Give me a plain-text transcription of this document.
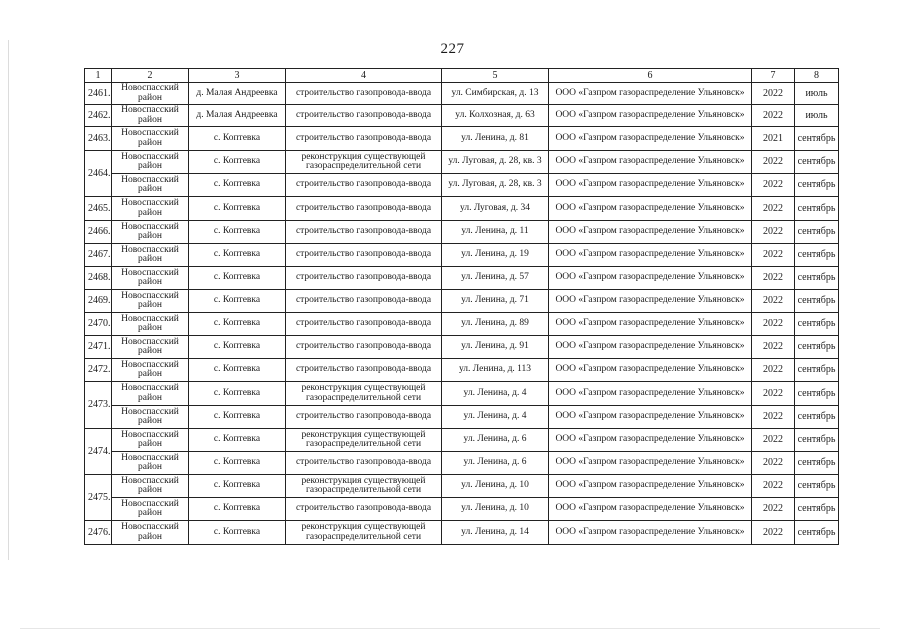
227
1	2	3	4	5	6	7	8
2461.	Новоспасский район	д. Малая Андреевка	строительство газопровода-ввода	ул. Симбирская, д. 13	ООО «Газпром газораспределение Ульяновск»	2022	июль
2462.	Новоспасский район	д. Малая Андреевка	строительство газопровода-ввода	ул. Колхозная, д. 63	ООО «Газпром газораспределение Ульяновск»	2022	июль
2463.	Новоспасский район	с. Коптевка	строительство газопровода-ввода	ул. Ленина, д. 81	ООО «Газпром газораспределение Ульяновск»	2021	сентябрь
2464.	Новоспасский район	с. Коптевка	реконструкция существующей газораспределительной сети	ул. Луговая, д. 28, кв. 3	ООО «Газпром газораспределение Ульяновск»	2022	сентябрь
	Новоспасский район	с. Коптевка	строительство газопровода-ввода	ул. Луговая, д. 28, кв. 3	ООО «Газпром газораспределение Ульяновск»	2022	сентябрь
2465.	Новоспасский район	с. Коптевка	строительство газопровода-ввода	ул. Луговая, д. 34	ООО «Газпром газораспределение Ульяновск»	2022	сентябрь
2466.	Новоспасский район	с. Коптевка	строительство газопровода-ввода	ул. Ленина, д. 11	ООО «Газпром газораспределение Ульяновск»	2022	сентябрь
2467.	Новоспасский район	с. Коптевка	строительство газопровода-ввода	ул. Ленина, д. 19	ООО «Газпром газораспределение Ульяновск»	2022	сентябрь
2468.	Новоспасский район	с. Коптевка	строительство газопровода-ввода	ул. Ленина, д. 57	ООО «Газпром газораспределение Ульяновск»	2022	сентябрь
2469.	Новоспасский район	с. Коптевка	строительство газопровода-ввода	ул. Ленина, д. 71	ООО «Газпром газораспределение Ульяновск»	2022	сентябрь
2470.	Новоспасский район	с. Коптевка	строительство газопровода-ввода	ул. Ленина, д. 89	ООО «Газпром газораспределение Ульяновск»	2022	сентябрь
2471.	Новоспасский район	с. Коптевка	строительство газопровода-ввода	ул. Ленина, д. 91	ООО «Газпром газораспределение Ульяновск»	2022	сентябрь
2472.	Новоспасский район	с. Коптевка	строительство газопровода-ввода	ул. Ленина, д. 113	ООО «Газпром газораспределение Ульяновск»	2022	сентябрь
2473.	Новоспасский район	с. Коптевка	реконструкция существующей газораспределительной сети	ул. Ленина, д. 4	ООО «Газпром газораспределение Ульяновск»	2022	сентябрь
	Новоспасский район	с. Коптевка	строительство газопровода-ввода	ул. Ленина, д. 4	ООО «Газпром газораспределение Ульяновск»	2022	сентябрь
2474.	Новоспасский район	с. Коптевка	реконструкция существующей газораспределительной сети	ул. Ленина, д. 6	ООО «Газпром газораспределение Ульяновск»	2022	сентябрь
	Новоспасский район	с. Коптевка	строительство газопровода-ввода	ул. Ленина, д. 6	ООО «Газпром газораспределение Ульяновск»	2022	сентябрь
2475.	Новоспасский район	с. Коптевка	реконструкция существующей газораспределительной сети	ул. Ленина, д. 10	ООО «Газпром газораспределение Ульяновск»	2022	сентябрь
	Новоспасский район	с. Коптевка	строительство газопровода-ввода	ул. Ленина, д. 10	ООО «Газпром газораспределение Ульяновск»	2022	сентябрь
2476.	Новоспасский район	с. Коптевка	реконструкция существующей газораспределительной сети	ул. Ленина, д. 14	ООО «Газпром газораспределение Ульяновск»	2022	сентябрь
